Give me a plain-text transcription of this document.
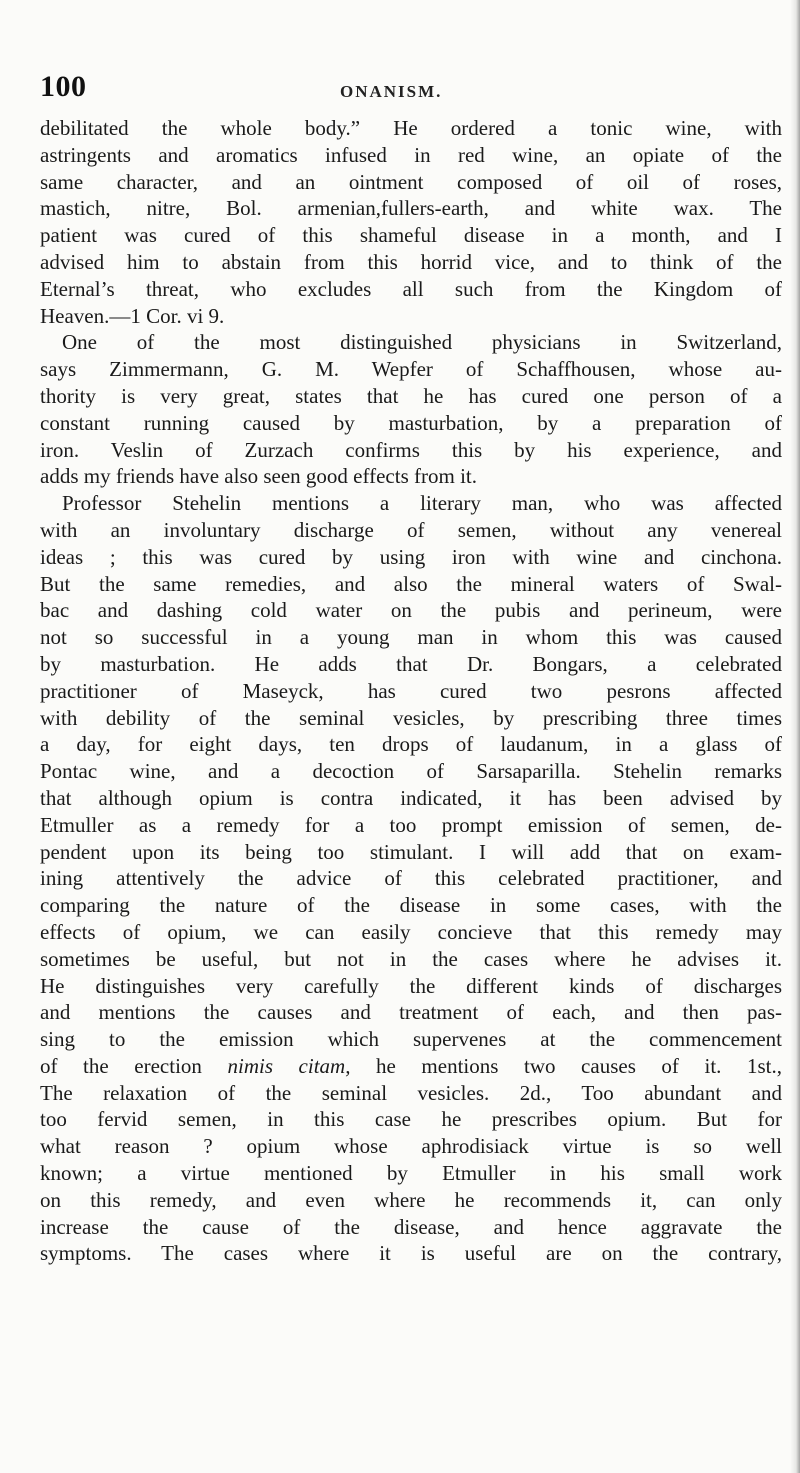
100	ONANISM.
debilitated the whole body.” He ordered a tonic wine, with
astringents and aromatics infused in red wine, an opiate of the
same character, and an ointment composed of oil of roses,
mastich, nitre, Bol. armenian,fullers-earth, and white wax. The
patient was cured of this shameful disease in a month, and I
advised him to abstain from this horrid vice, and to think of the
Eternal’s threat, who excludes all such from the Kingdom of
Heaven.—1 Cor. vi 9.
One of the most distinguished physicians in Switzerland,
says Zimmermann, G. M. Wepfer of Schaffhousen, whose au-
thority is very great, states that he has cured one person of a
constant running caused by masturbation, by a preparation of
iron. Veslin of Zurzach confirms this by his experience, and
adds my friends have also seen good effects from it.
Professor Stehelin mentions a literary man, who was affected
with an involuntary discharge of semen, without any venereal
ideas ; this was cured by using iron with wine and cinchona.
But the same remedies, and also the mineral waters of Swal-
bac and dashing cold water on the pubis and perineum, were
not so successful in a young man in whom this was caused
by masturbation. He adds that Dr. Bongars, a celebrated
practitioner of Maseyck, has cured two pesrons affected
with debility of the seminal vesicles, by prescribing three times
a day, for eight days, ten drops of laudanum, in a glass of
Pontac wine, and a decoction of Sarsaparilla. Stehelin remarks
that although opium is contra indicated, it has been advised by
Etmuller as a remedy for a too prompt emission of semen, de-
pendent upon its being too stimulant. I will add that on exam-
ining attentively the advice of this celebrated practitioner, and
comparing the nature of the disease in some cases, with the
effects of opium, we can easily concieve that this remedy may
sometimes be useful, but not in the cases where he advises it.
He distinguishes very carefully the different kinds of discharges
and mentions the causes and treatment of each, and then pas-
sing to the emission which supervenes at the commencement
of the erection nimis citam, he mentions two causes of it. 1st.,
The relaxation of the seminal vesicles. 2d., Too abundant and
too fervid semen, in this case he prescribes opium. But for
what reason ? opium whose aphrodisiack virtue is so well
known; a virtue mentioned by Etmuller in his small work
on this remedy, and even where he recommends it, can only
increase the cause of the disease, and hence aggravate the
symptoms. The cases where it is useful are on the contrary,
